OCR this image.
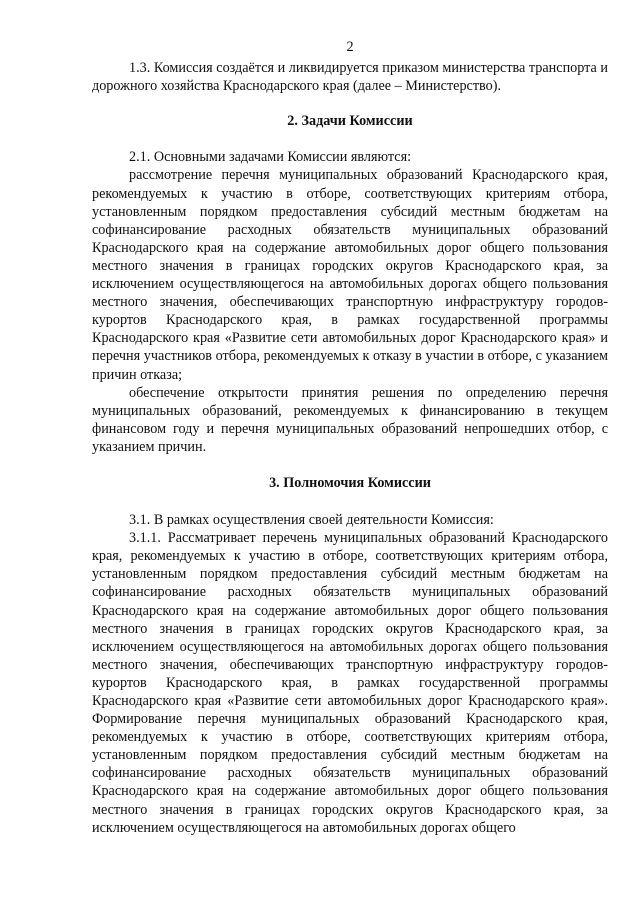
2

1.3. Комиссия создаётся и ликвидируется приказом министерства транспорта и дорожного хозяйства Краснодарского края (далее – Министерство).

2. Задачи Комиссии

2.1. Основными задачами Комиссии являются:

рассмотрение перечня муниципальных образований Краснодарского края, рекомендуемых к участию в отборе, соответствующих критериям отбора, установленным порядком предоставления субсидий местным бюджетам на софинансирование расходных обязательств муниципальных образований Краснодарского края на содержание автомобильных дорог общего пользования местного значения в границах городских округов Краснодарского края, за исключением осуществляющегося на автомобильных дорогах общего пользования местного значения, обеспечивающих транспортную инфраструктуру городов-курортов Краснодарского края, в рамках государственной программы Краснодарского края «Развитие сети автомобильных дорог Краснодарского края» и перечня участников отбора, рекомендуемых к отказу в участии в отборе, с указанием причин отказа;

обеспечение открытости принятия решения по определению перечня муниципальных образований, рекомендуемых к финансированию в текущем финансовом году и перечня муниципальных образований непрошедших отбор, с указанием причин.

3. Полномочия Комиссии

3.1. В рамках осуществления своей деятельности Комиссия:

3.1.1. Рассматривает перечень муниципальных образований Краснодарского края, рекомендуемых к участию в отборе, соответствующих критериям отбора, установленным порядком предоставления субсидий местным бюджетам на софинансирование расходных обязательств муниципальных образований Краснодарского края на содержание автомобильных дорог общего пользования местного значения в границах городских округов Краснодарского края, за исключением осуществляющегося на автомобильных дорогах общего пользования местного значения, обеспечивающих транспортную инфраструктуру городов-курортов Краснодарского края, в рамках государственной программы Краснодарского края «Развитие сети автомобильных дорог Краснодарского края». Формирование перечня муниципальных образований Краснодарского края, рекомендуемых к участию в отборе, соответствующих критериям отбора, установленным порядком предоставления субсидий местным бюджетам на софинансирование расходных обязательств муниципальных образований Краснодарского края на содержание автомобильных дорог общего пользования местного значения в границах городских округов Краснодарского края, за исключением осуществляющегося на автомобильных дорогах общего
